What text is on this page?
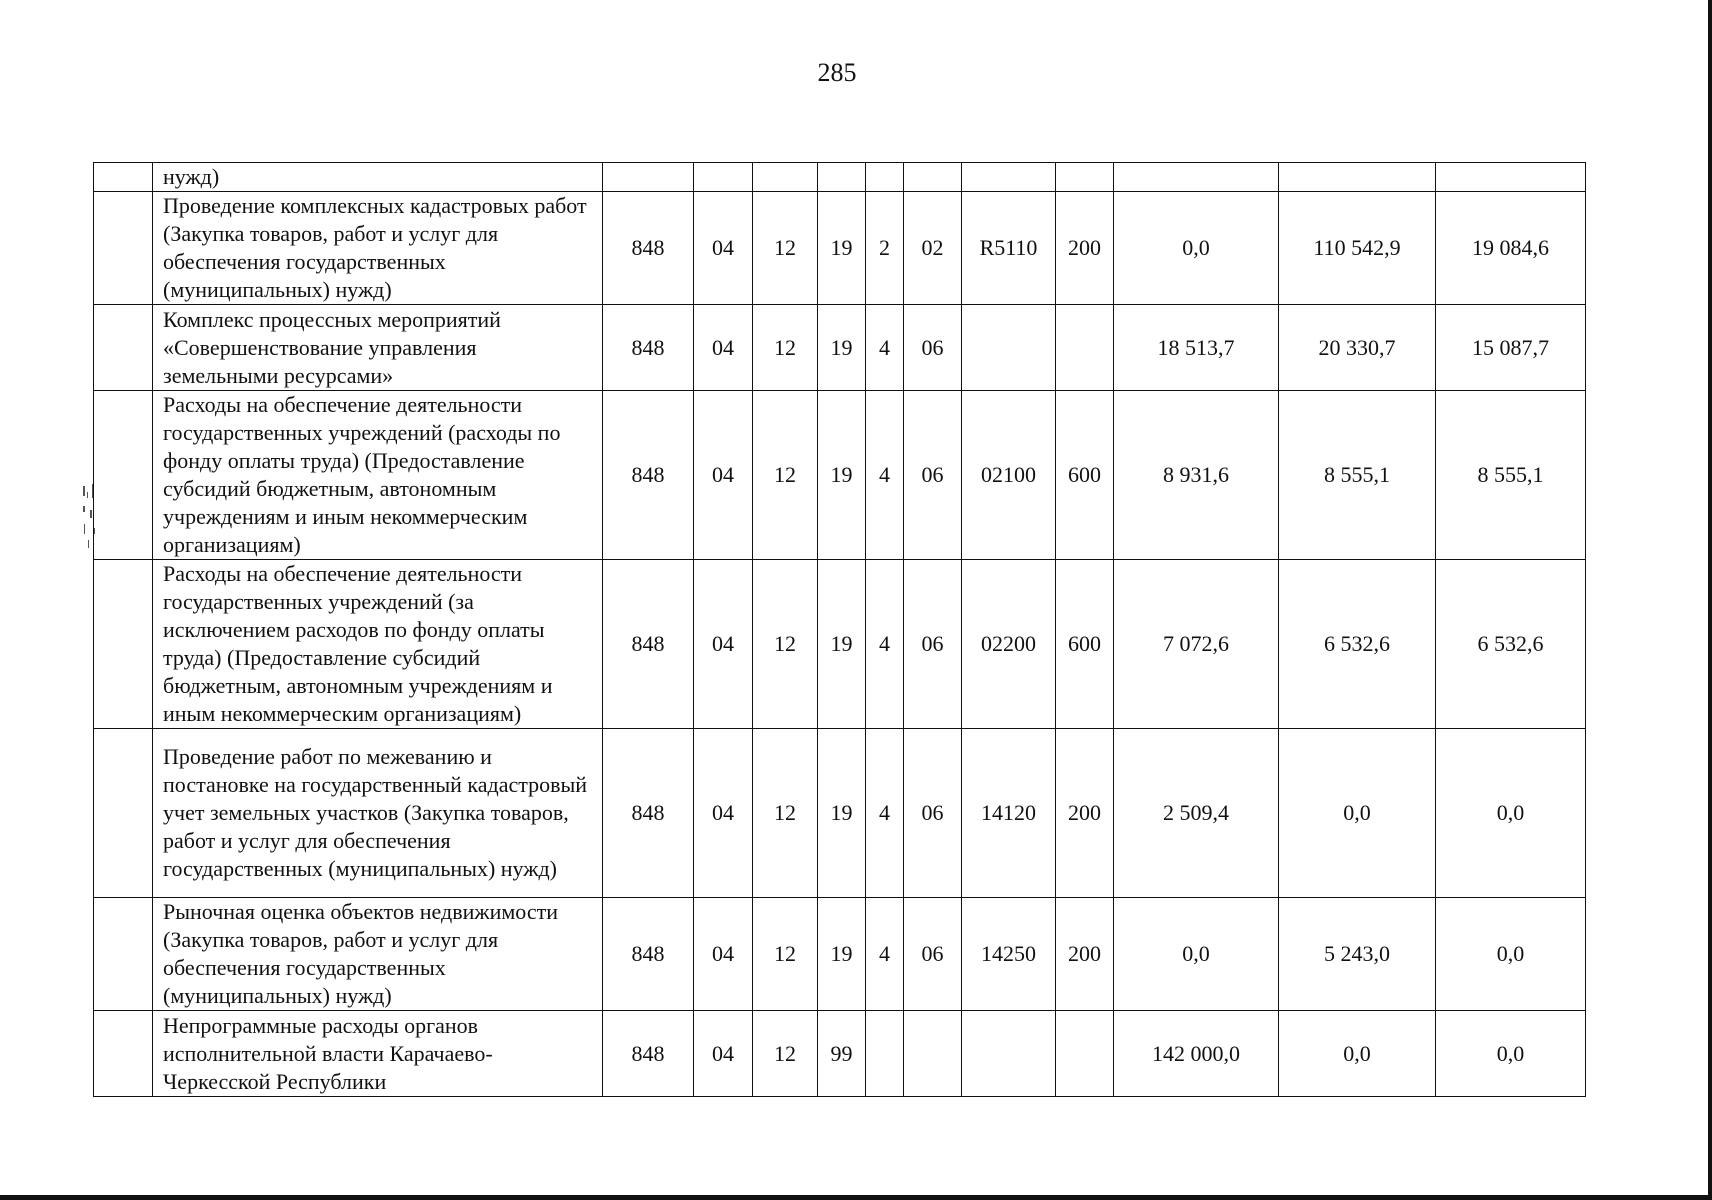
285
	нужд)											
	Проведение комплексных кадастровых работ (Закупка товаров, работ и услуг для обеспечения государственных (муниципальных) нужд)	848	04	12	19	2	02	R5110	200	0,0	110 542,9	19 084,6
	Комплекс процессных мероприятий «Совершенствование управления земельными ресурсами»	848	04	12	19	4	06			18 513,7	20 330,7	15 087,7
	Расходы на обеспечение деятельности государственных учреждений (расходы по фонду оплаты труда) (Предоставление субсидий бюджетным, автономным учреждениям и иным некоммерческим организациям)	848	04	12	19	4	06	02100	600	8 931,6	8 555,1	8 555,1
	Расходы на обеспечение деятельности государственных учреждений (за исключением расходов по фонду оплаты труда) (Предоставление субсидий бюджетным, автономным учреждениям и иным некоммерческим организациям)	848	04	12	19	4	06	02200	600	7 072,6	6 532,6	6 532,6
	Проведение работ по межеванию и постановке на государственный кадастровый учет земельных участков (Закупка товаров, работ и услуг для обеспечения государственных (муниципальных) нужд)	848	04	12	19	4	06	14120	200	2 509,4	0,0	0,0
	Рыночная оценка объектов недвижимости (Закупка товаров, работ и услуг для обеспечения государственных (муниципальных) нужд)	848	04	12	19	4	06	14250	200	0,0	5 243,0	0,0
	Непрограммные расходы органов исполнительной власти Карачаево-Черкесской Республики	848	04	12	99					142 000,0	0,0	0,0
